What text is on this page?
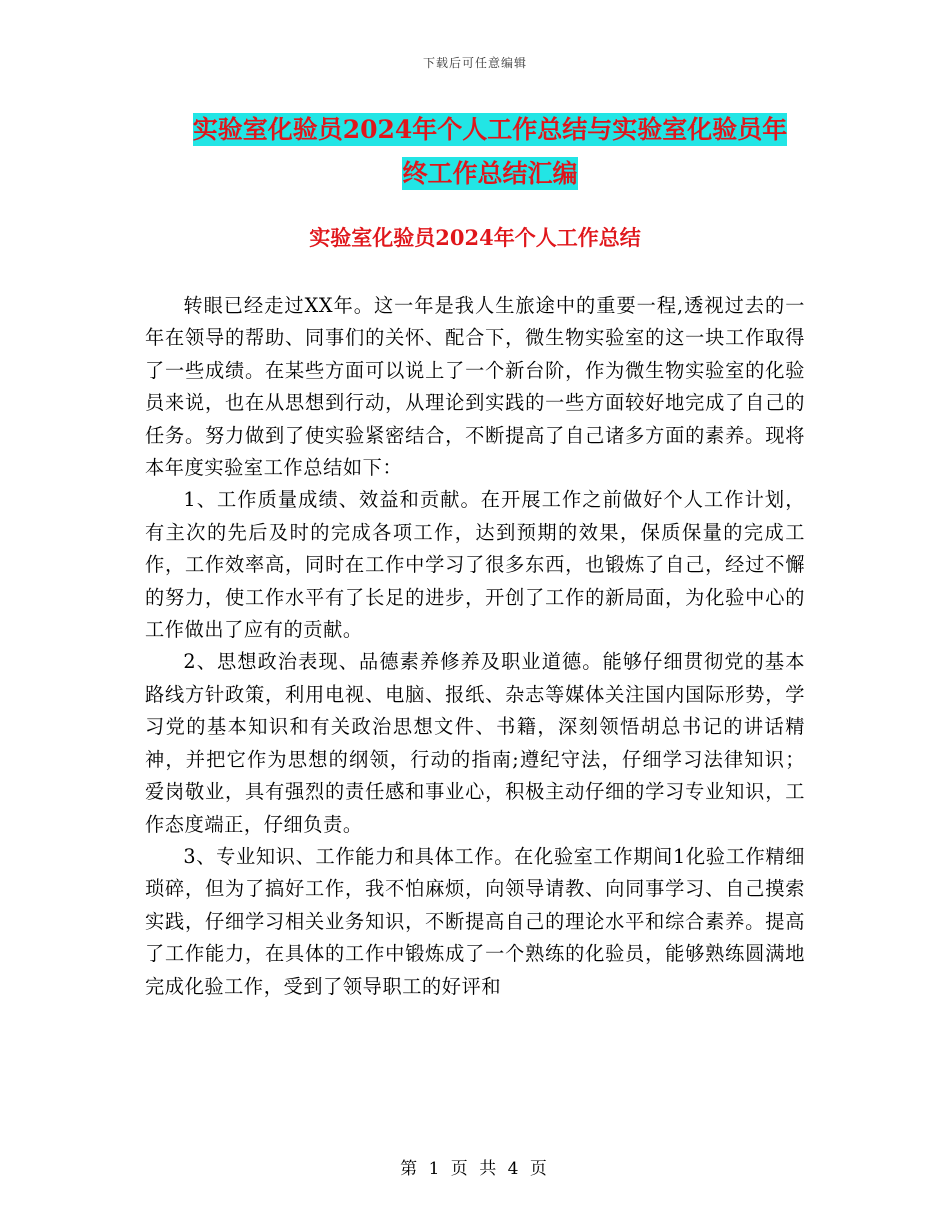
下载后可任意编辑
实验室化验员2024年个人工作总结与实验室化验员年
终工作总结汇编
实验室化验员2024年个人工作总结

转眼已经走过XX年。这一年是我人生旅途中的重要一程,透视过去的一年在领导的帮助、同事们的关怀、配合下，微生物实验室的这一块工作取得了一些成绩。在某些方面可以说上了一个新台阶，作为微生物实验室的化验员来说，也在从思想到行动，从理论到实践的一些方面较好地完成了自己的任务。努力做到了使实验紧密结合，不断提高了自己诸多方面的素养。现将本年度实验室工作总结如下：

1、工作质量成绩、效益和贡献。在开展工作之前做好个人工作计划，有主次的先后及时的完成各项工作，达到预期的效果，保质保量的完成工作，工作效率高，同时在工作中学习了很多东西，也锻炼了自己，经过不懈的努力，使工作水平有了长足的进步，开创了工作的新局面，为化验中心的工作做出了应有的贡献。

2、思想政治表现、品德素养修养及职业道德。能够仔细贯彻党的基本路线方针政策，利用电视、电脑、报纸、杂志等媒体关注国内国际形势，学习党的基本知识和有关政治思想文件、书籍，深刻领悟胡总书记的讲话精神，并把它作为思想的纲领，行动的指南;遵纪守法，仔细学习法律知识；爱岗敬业，具有强烈的责任感和事业心，积极主动仔细的学习专业知识，工作态度端正，仔细负责。

3、专业知识、工作能力和具体工作。在化验室工作期间1化验工作精细琐碎，但为了搞好工作，我不怕麻烦，向领导请教、向同事学习、自己摸索实践，仔细学习相关业务知识，不断提高自己的理论水平和综合素养。提高了工作能力，在具体的工作中锻炼成了一个熟练的化验员，能够熟练圆满地完成化验工作，受到了领导职工的好评和

第 1 页 共 4 页
